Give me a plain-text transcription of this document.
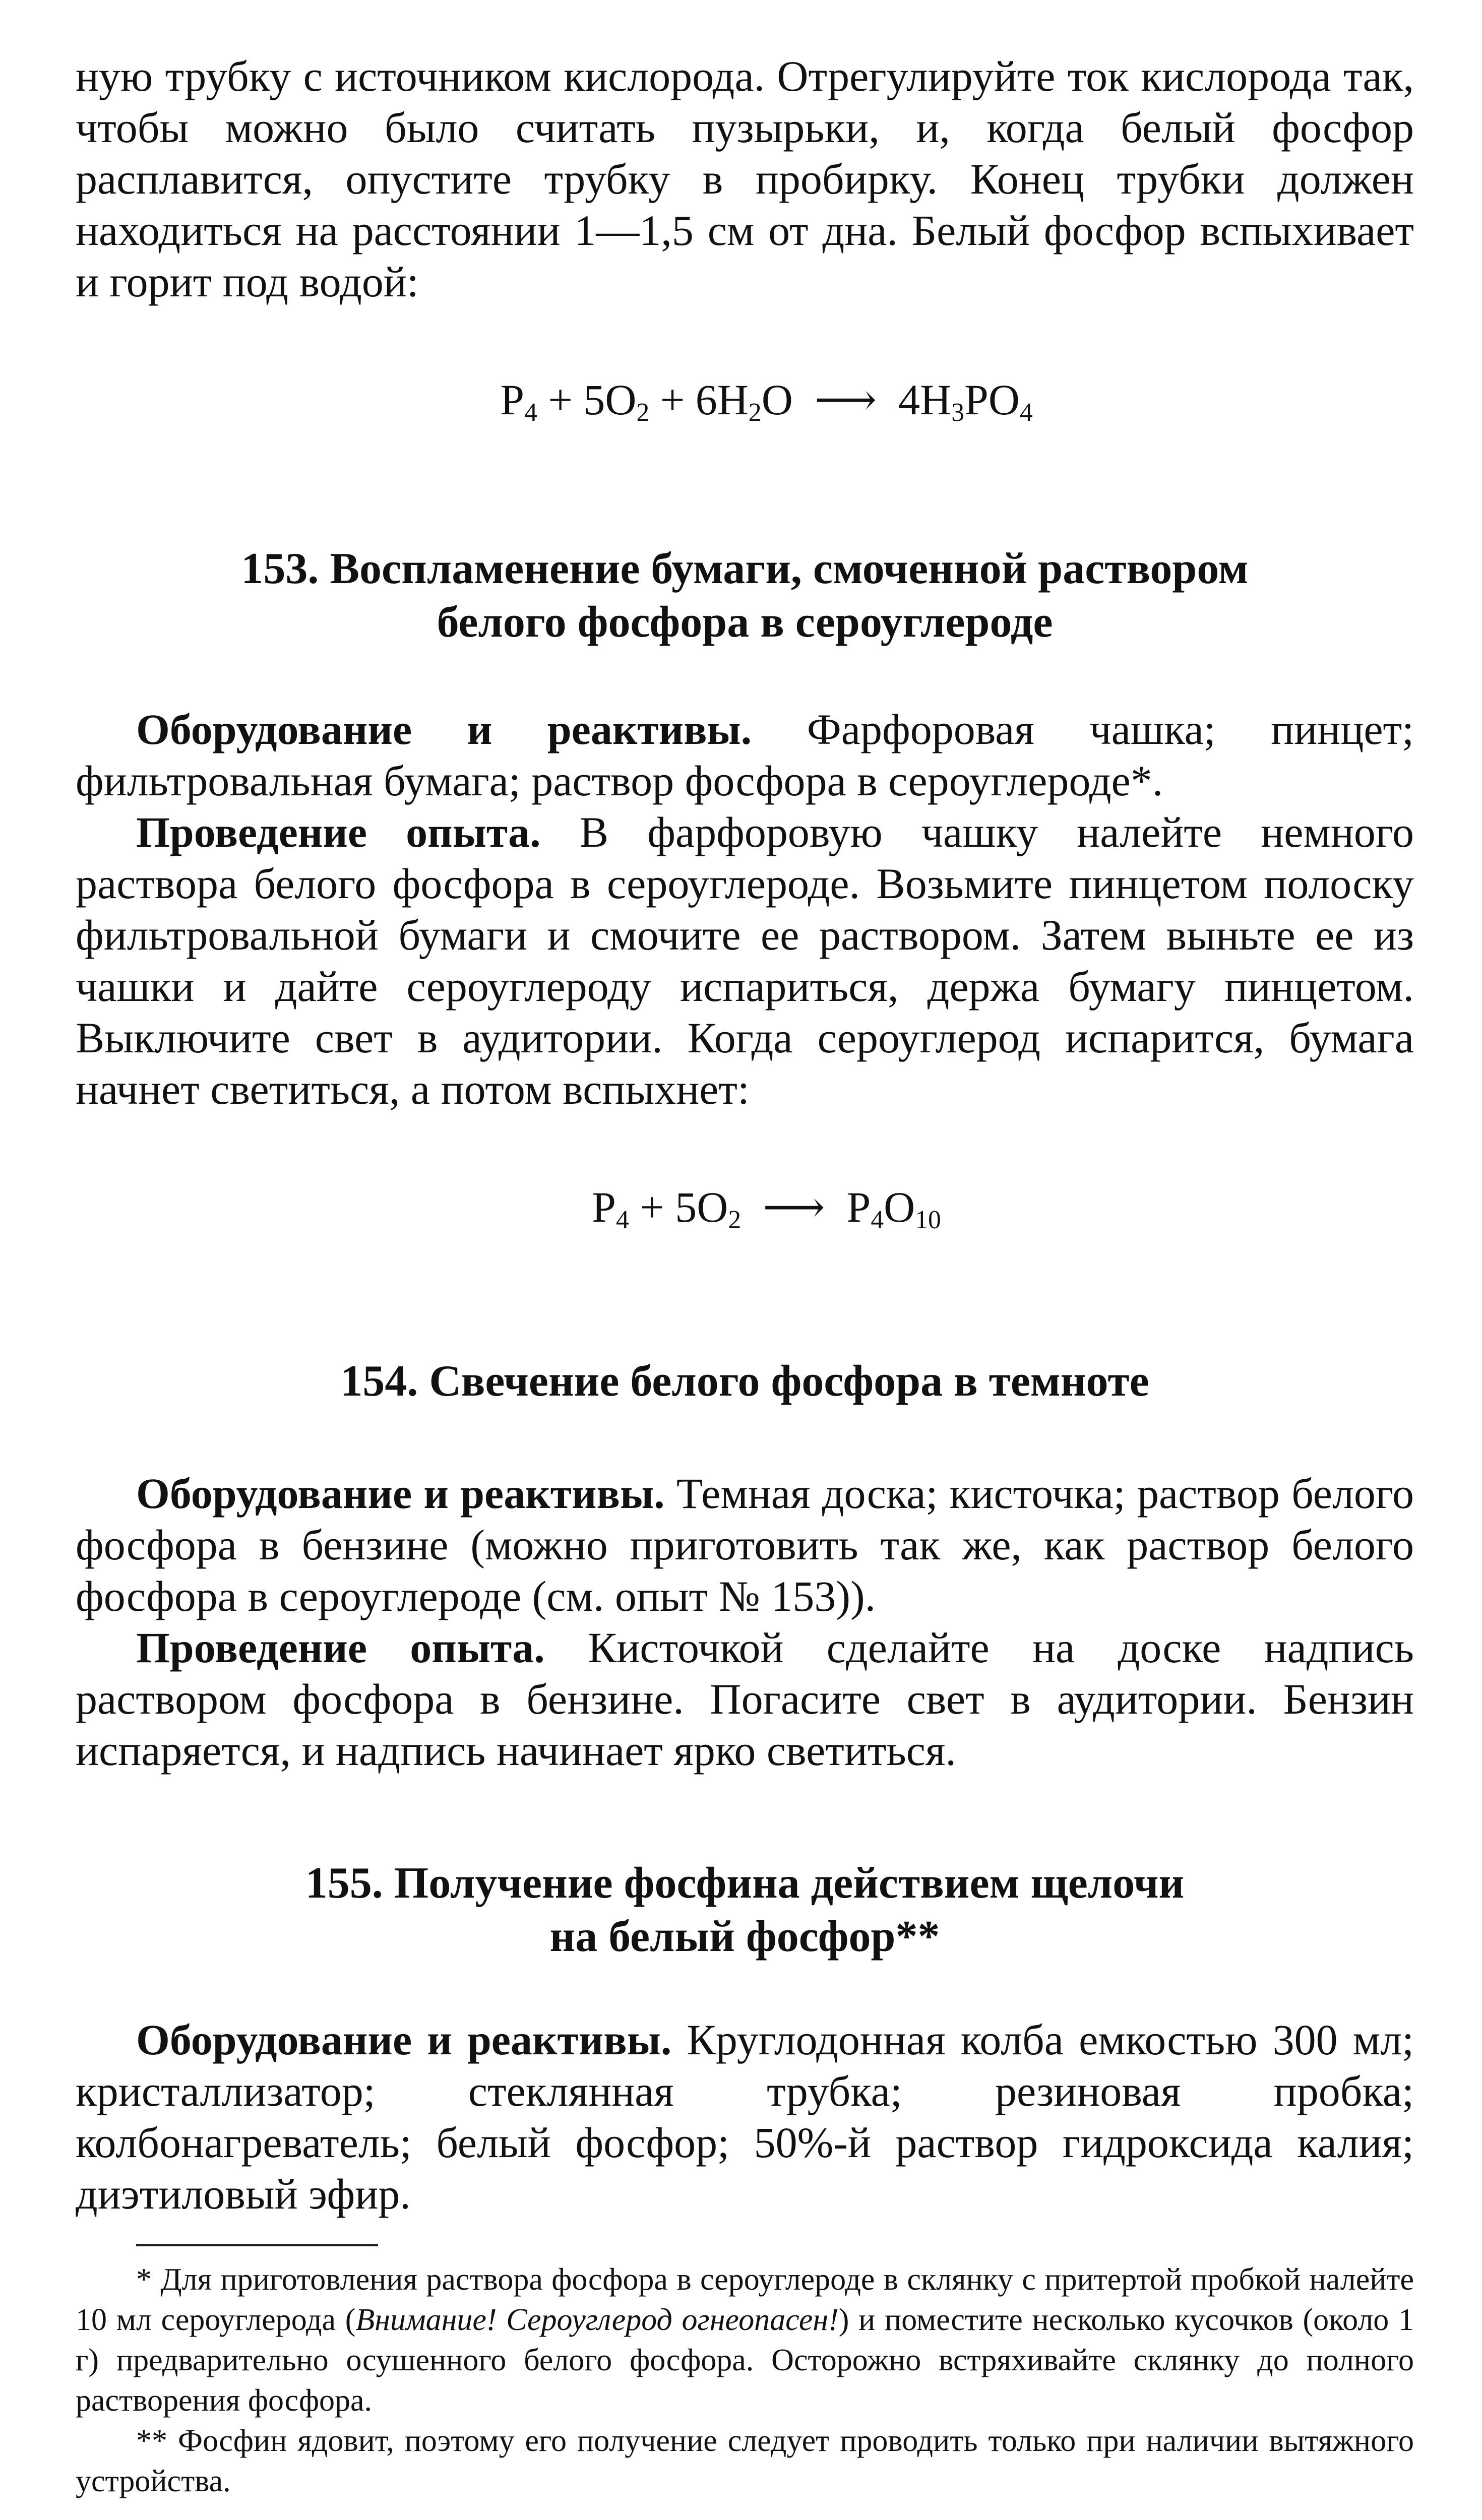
ную трубку с источником кислорода. Отрегулируйте ток кислорода так, чтобы можно было считать пузырьки, и, когда белый фосфор расплавится, опустите трубку в пробирку. Конец трубки должен находиться на расстоянии 1—1,5 см от дна. Белый фосфор вспыхивает и горит под водой:

$P_4 + 5O_2 + 6H_2O$  ⟶  $4H_3PO_4$

153. Воспламенение бумаги, смоченной раствором
белого фосфора в сероуглероде

Оборудование и реактивы. Фарфоровая чашка; пинцет; фильтровальная бумага; раствор фосфора в сероуглероде*.

Проведение опыта. В фарфоровую чашку налейте немного раствора белого фосфора в сероуглероде. Возьмите пинцетом полоску фильтровальной бумаги и смочите ее раствором. Затем выньте ее из чашки и дайте сероуглероду испариться, держа бумагу пинцетом. Выключите свет в аудитории. Когда сероуглерод испарится, бумага начнет светиться, а потом вспыхнет:

$P_4 + 5O_2$  ⟶  $P_4O_{10}$

154. Свечение белого фосфора в темноте

Оборудование и реактивы. Темная доска; кисточка; раствор белого фосфора в бензине (можно приготовить так же, как раствор белого фосфора в сероуглероде (см. опыт № 153)).

Проведение опыта. Кисточкой сделайте на доске надпись раствором фосфора в бензине. Погасите свет в аудитории. Бензин испаряется, и надпись начинает ярко светиться.

155. Получение фосфина действием щелочи
на белый фосфор**

Оборудование и реактивы. Круглодонная колба емкостью 300 мл; кристаллизатор; стеклянная трубка; резиновая пробка; колбонагреватель; белый фосфор; 50%-й раствор гидроксида калия; диэтиловый эфир.

* Для приготовления раствора фосфора в сероуглероде в склянку с притертой пробкой налейте 10 мл сероуглерода (Внимание! Сероуглерод огнеопасен!) и поместите несколько кусочков (около 1 г) предварительно осушенного белого фосфора. Осторожно встряхивайте склянку до полного растворения фосфора.

** Фосфин ядовит, поэтому его получение следует проводить только при наличии вытяжного устройства.
